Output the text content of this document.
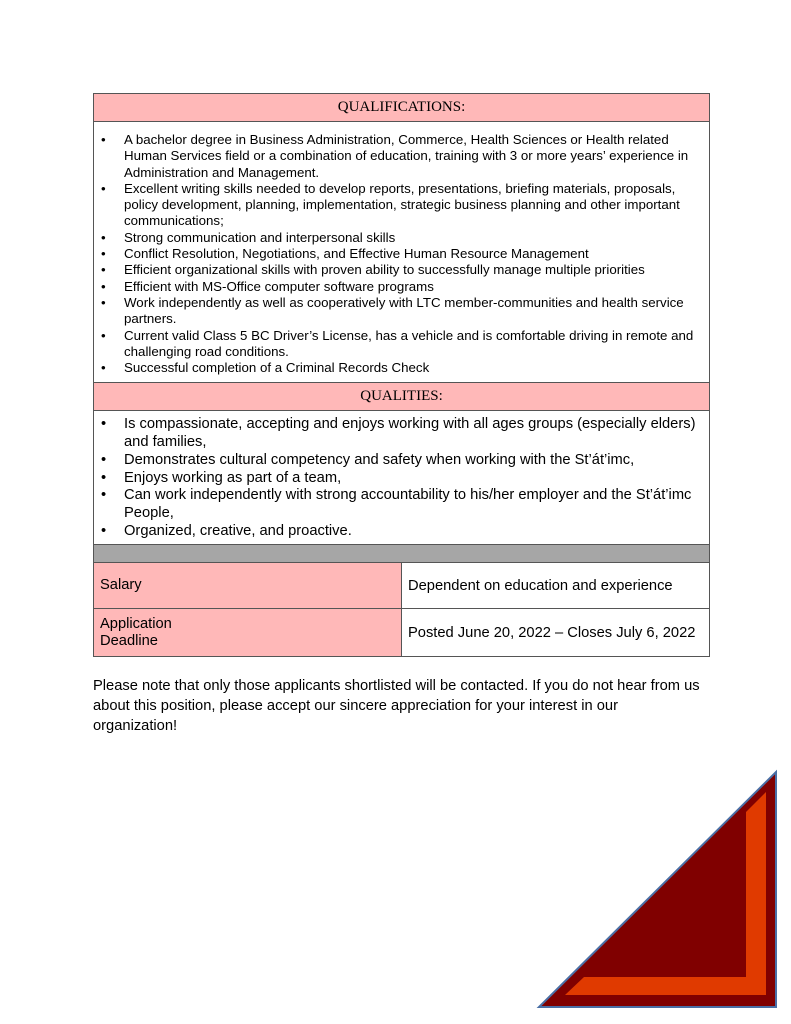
QUALIFICATIONS:	

• A bachelor degree in Business Administration, Commerce, Health Sciences or Health related Human Services field or a combination of education, training with 3 or more years’ experience in Administration and Management.
• Excellent writing skills needed to develop reports, presentations, briefing materials, proposals, policy development, planning, implementation, strategic business planning and other important communications;
• Strong communication and interpersonal skills
• Conflict Resolution, Negotiations, and Effective Human Resource Management
• Efficient organizational skills with proven ability to successfully manage multiple priorities
• Efficient with MS-Office computer software programs
• Work independently as well as cooperatively with LTC member-communities and health service partners.
• Current valid Class 5 BC Driver’s License, has a vehicle and is comfortable driving in remote and challenging road conditions.
• Successful completion of a Criminal Records Check

QUALITIES:	

• Is compassionate, accepting and enjoys working with all ages groups (especially elders) and families,
• Demonstrates cultural competency and safety when working with the St’át’imc,
• Enjoys working as part of a team,
• Can work independently with strong accountability to his/her employer and the St’át’imc People,
• Organized, creative, and proactive.

Salary	Dependent on education and experience

Application
Deadline	Posted June 20, 2022 – Closes July 6, 2022

Please note that only those applicants shortlisted will be contacted. If you do not hear from us about this position, please accept our sincere appreciation for your interest in our organization!
